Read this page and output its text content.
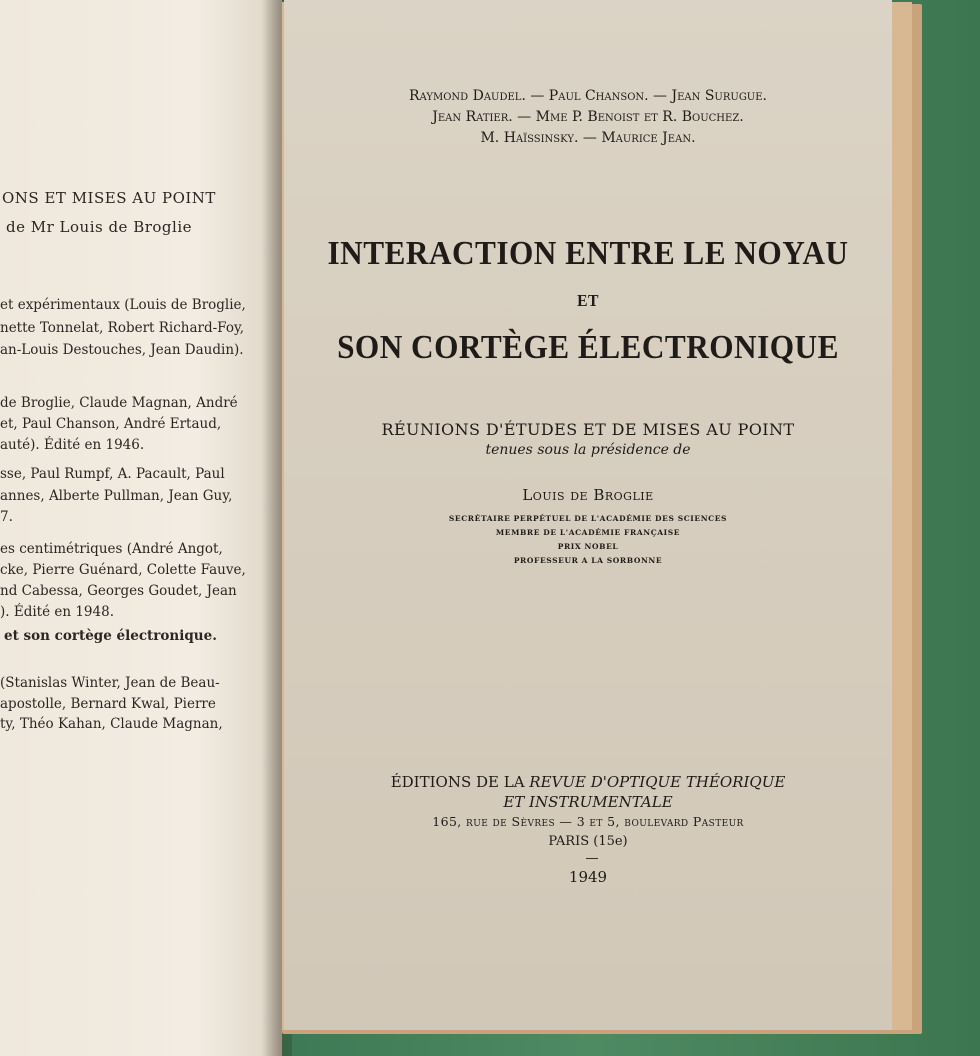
ONS ET MISES AU POINT
de Mr Louis de Broglie
et expérimentaux (Louis de Broglie,
nette Tonnelat, Robert Richard-Foy,
an-Louis Destouches, Jean Daudin).
de Broglie, Claude Magnan, André
et, Paul Chanson, André Ertaud,
auté). Édité en 1946.
sse, Paul Rumpf, A. Pacault, Paul
annes, Alberte Pullman, Jean Guy,
7.
es centimétriques (André Angot,
cke, Pierre Guénard, Colette Fauve,
nd Cabessa, Georges Goudet, Jean
). Édité en 1948.
et son cortège électronique.
(Stanislas Winter, Jean de Beau-
apostolle, Bernard Kwal, Pierre
ty, Théo Kahan, Claude Magnan,
Raymond Daudel. — Paul Chanson. — Jean Surugue.
Jean Ratier. — Mme P. Benoist et R. Bouchez.
M. Haïssinsky. — Maurice Jean.
INTERACTION ENTRE LE NOYAU
ET
SON CORTÈGE ÉLECTRONIQUE
RÉUNIONS D'ÉTUDES ET DE MISES AU POINT
tenues sous la présidence de
Louis de Broglie
SECRÉTAIRE PERPÉTUEL DE L'ACADÉMIE DES SCIENCES
MEMBRE DE L'ACADÉMIE FRANÇAISE
PRIX NOBEL
PROFESSEUR A LA SORBONNE
ÉDITIONS DE LA REVUE D'OPTIQUE THÉORIQUE
ET INSTRUMENTALE
165, rue de Sèvres — 3 et 5, boulevard Pasteur
PARIS (15e)
1949
